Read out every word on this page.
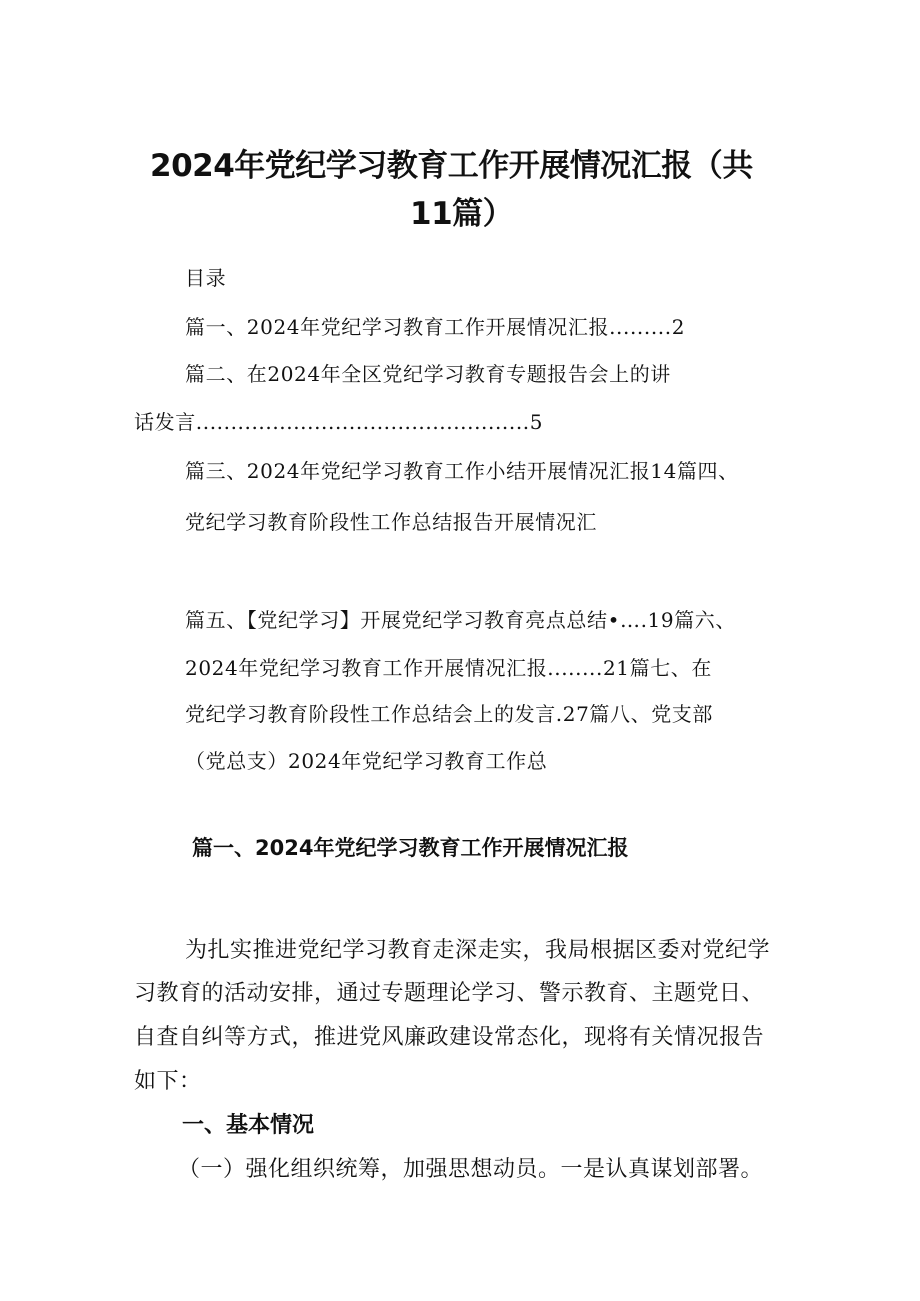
2024年党纪学习教育工作开展情况汇报（共

11篇）

目录

篇一、2024年党纪学习教育工作开展情况汇报.........2

篇二、在2024年全区党纪学习教育专题报告会上的讲

话发言................................................5

篇三、2024年党纪学习教育工作小结开展情况汇报14篇四、

党纪学习教育阶段性工作总结报告开展情况汇

篇五、【党纪学习】开展党纪学习教育亮点总结•….19篇六、

2024年党纪学习教育工作开展情况汇报........21篇七、在

党纪学习教育阶段性工作总结会上的发言.27篇八、党支部

（党总支）2024年党纪学习教育工作总

篇一、2024年党纪学习教育工作开展情况汇报

为扎实推进党纪学习教育走深走实，我局根据区委对党纪学

习教育的活动安排，通过专题理论学习、警示教育、主题党日、

自査自纠等方式，推进党风廉政建设常态化，现将有关情况报告

如下：

一、基本情况

（一）强化组织统筹，加强思想动员。一是认真谋划部署。
